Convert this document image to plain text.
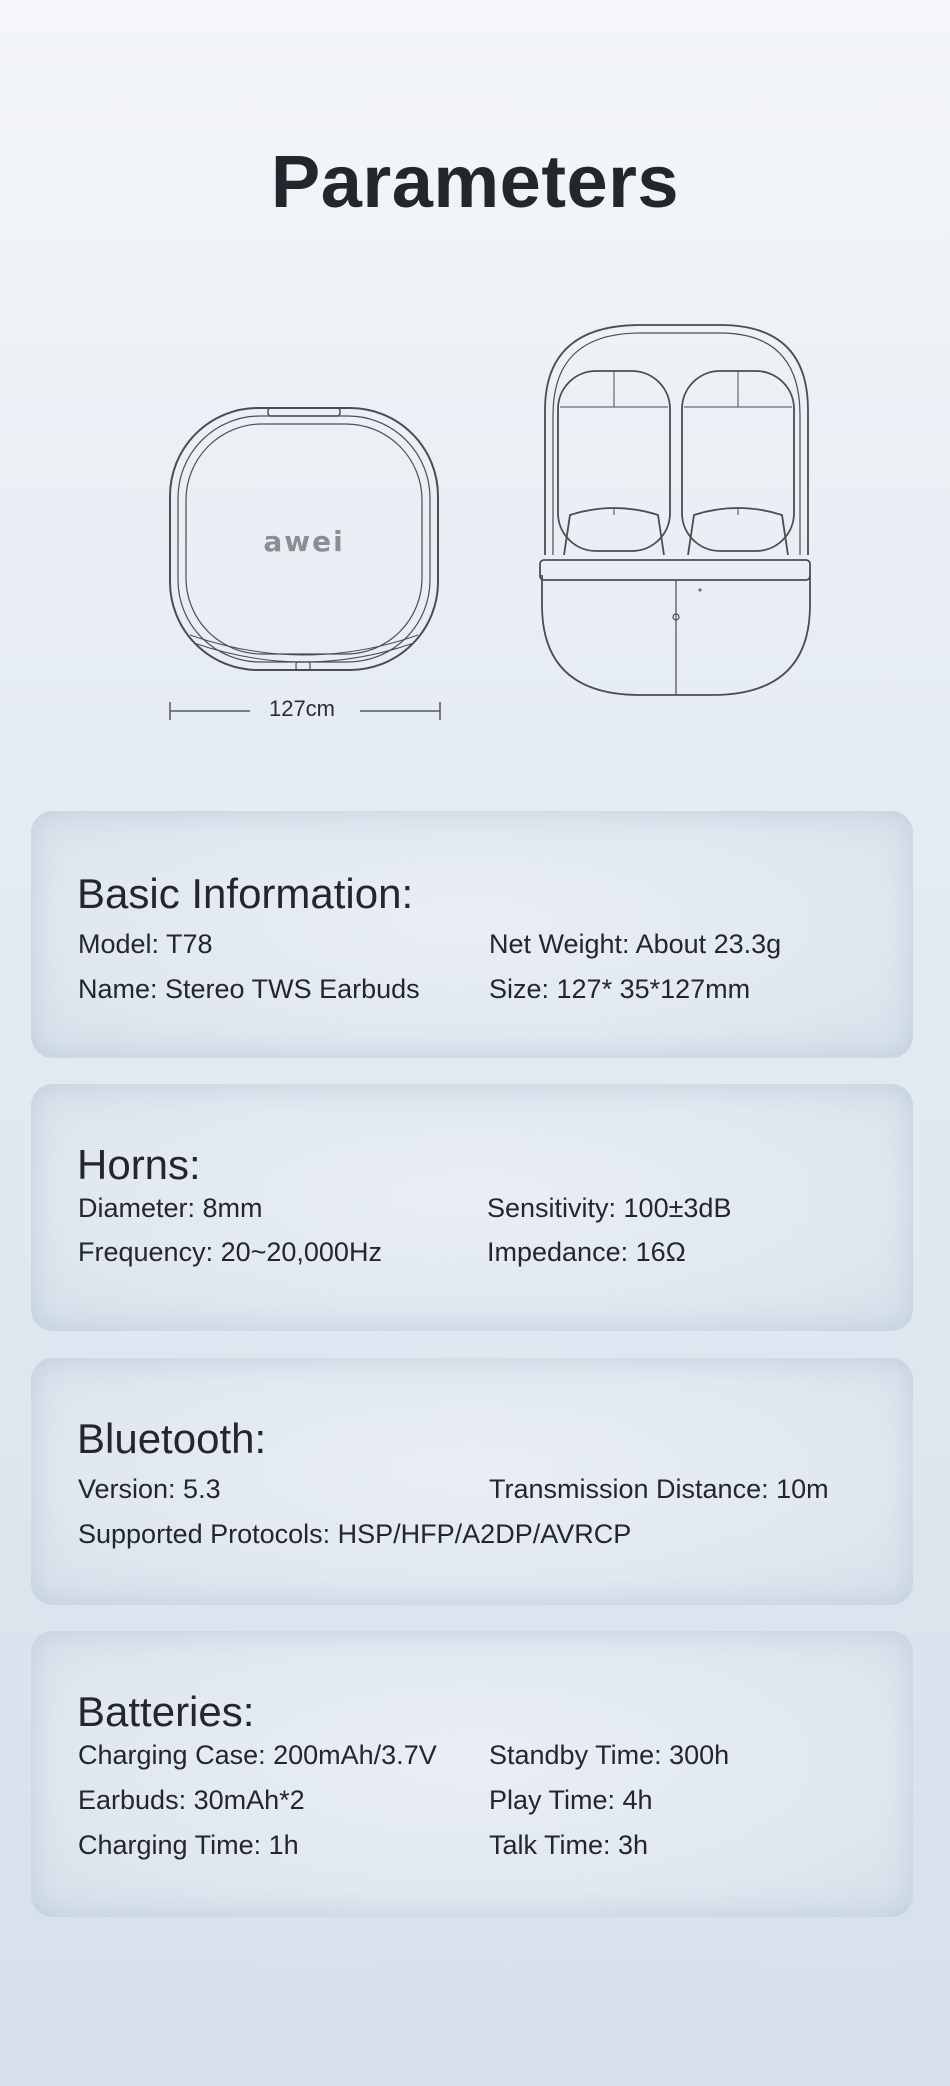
Parameters
awei
127cm
Basic Information:
Model: T78	Net Weight: About 23.3g
Name: Stereo TWS Earbuds	Size: 127* 35*127mm
Horns:
Diameter: 8mm	Sensitivity: 100±3dB
Frequency: 20~20,000Hz	Impedance: 16Ω
Bluetooth:
Version: 5.3	Transmission Distance: 10m
Supported Protocols: HSP/HFP/A2DP/AVRCP
Batteries:
Charging Case: 200mAh/3.7V Standby Time: 300h
Earbuds: 30mAh*2	Play Time: 4h
Charging Time: 1h	Talk Time: 3h
